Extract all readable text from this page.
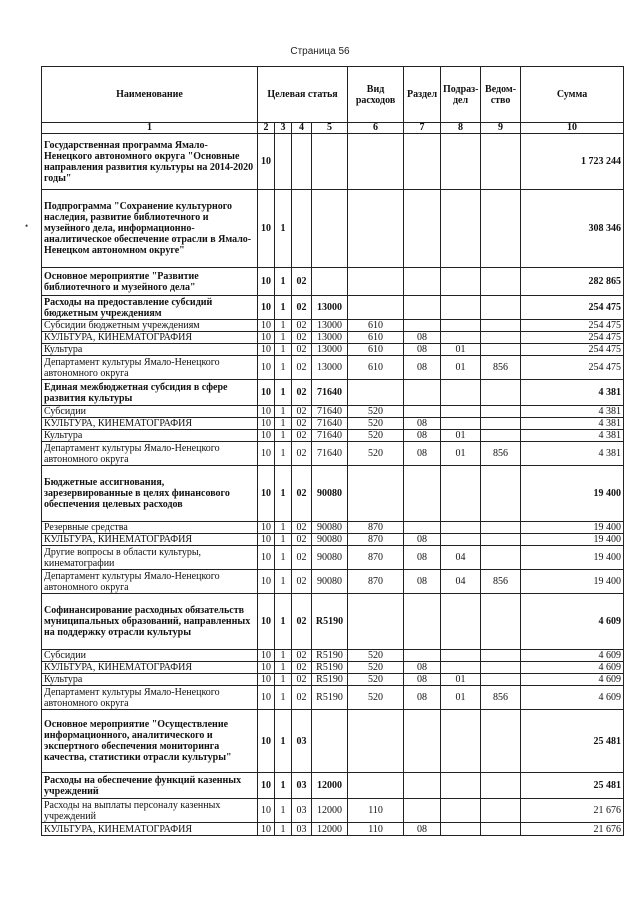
Страница 56
•
Наименование	Целевая статья				Вид расходов	Раздел	Подраз-дел	Ведом-ство	Сумма
1	2	3	4	5	6	7	8	9	10
Государственная программа Ямало-Ненецкого автономного округа "Основные направления развития культуры на 2014-2020 годы"	10								1 723 244
Подпрограмма "Сохранение культурного наследия, развитие библиотечного и музейного дела, информационно-аналитическое обеспечение отрасли в Ямало-Ненецком автономном округе"	10	1							308 346
Основное мероприятие "Развитие библиотечного и музейного дела"	10	1	02						282 865
Расходы на предоставление субсидий бюджетным учреждениям	10	1	02	13000					254 475
Субсидии бюджетным учреждениям	10	1	02	13000	610				254 475
КУЛЬТУРА, КИНЕМАТОГРАФИЯ	10	1	02	13000	610	08			254 475
Культура	10	1	02	13000	610	08	01		254 475
Департамент культуры Ямало-Ненецкого автономного округа	10	1	02	13000	610	08	01	856	254 475
Единая межбюджетная субсидия в сфере развития культуры	10	1	02	71640					4 381
Субсидии	10	1	02	71640	520				4 381
КУЛЬТУРА, КИНЕМАТОГРАФИЯ	10	1	02	71640	520	08			4 381
Культура	10	1	02	71640	520	08	01		4 381
Департамент культуры Ямало-Ненецкого автономного округа	10	1	02	71640	520	08	01	856	4 381
Бюджетные ассигнования, зарезервированные в целях финансового обеспечения целевых расходов	10	1	02	90080					19 400
Резервные средства	10	1	02	90080	870				19 400
КУЛЬТУРА, КИНЕМАТОГРАФИЯ	10	1	02	90080	870	08			19 400
Другие вопросы в области культуры, кинематографии	10	1	02	90080	870	08	04		19 400
Департамент культуры Ямало-Ненецкого автономного округа	10	1	02	90080	870	08	04	856	19 400
Софинансирование расходных обязательств муниципальных образований, направленных на поддержку отрасли культуры	10	1	02	R5190					4 609
Субсидии	10	1	02	R5190	520				4 609
КУЛЬТУРА, КИНЕМАТОГРАФИЯ	10	1	02	R5190	520	08			4 609
Культура	10	1	02	R5190	520	08	01		4 609
Департамент культуры Ямало-Ненецкого автономного округа	10	1	02	R5190	520	08	01	856	4 609
Основное мероприятие "Осуществление информационного, аналитического и экспертного обеспечения мониторинга качества, статистики отрасли культуры"	10	1	03						25 481
Расходы на обеспечение функций казенных учреждений	10	1	03	12000					25 481
Расходы на выплаты персоналу казенных учреждений	10	1	03	12000	110				21 676
КУЛЬТУРА, КИНЕМАТОГРАФИЯ	10	1	03	12000	110	08			21 676
